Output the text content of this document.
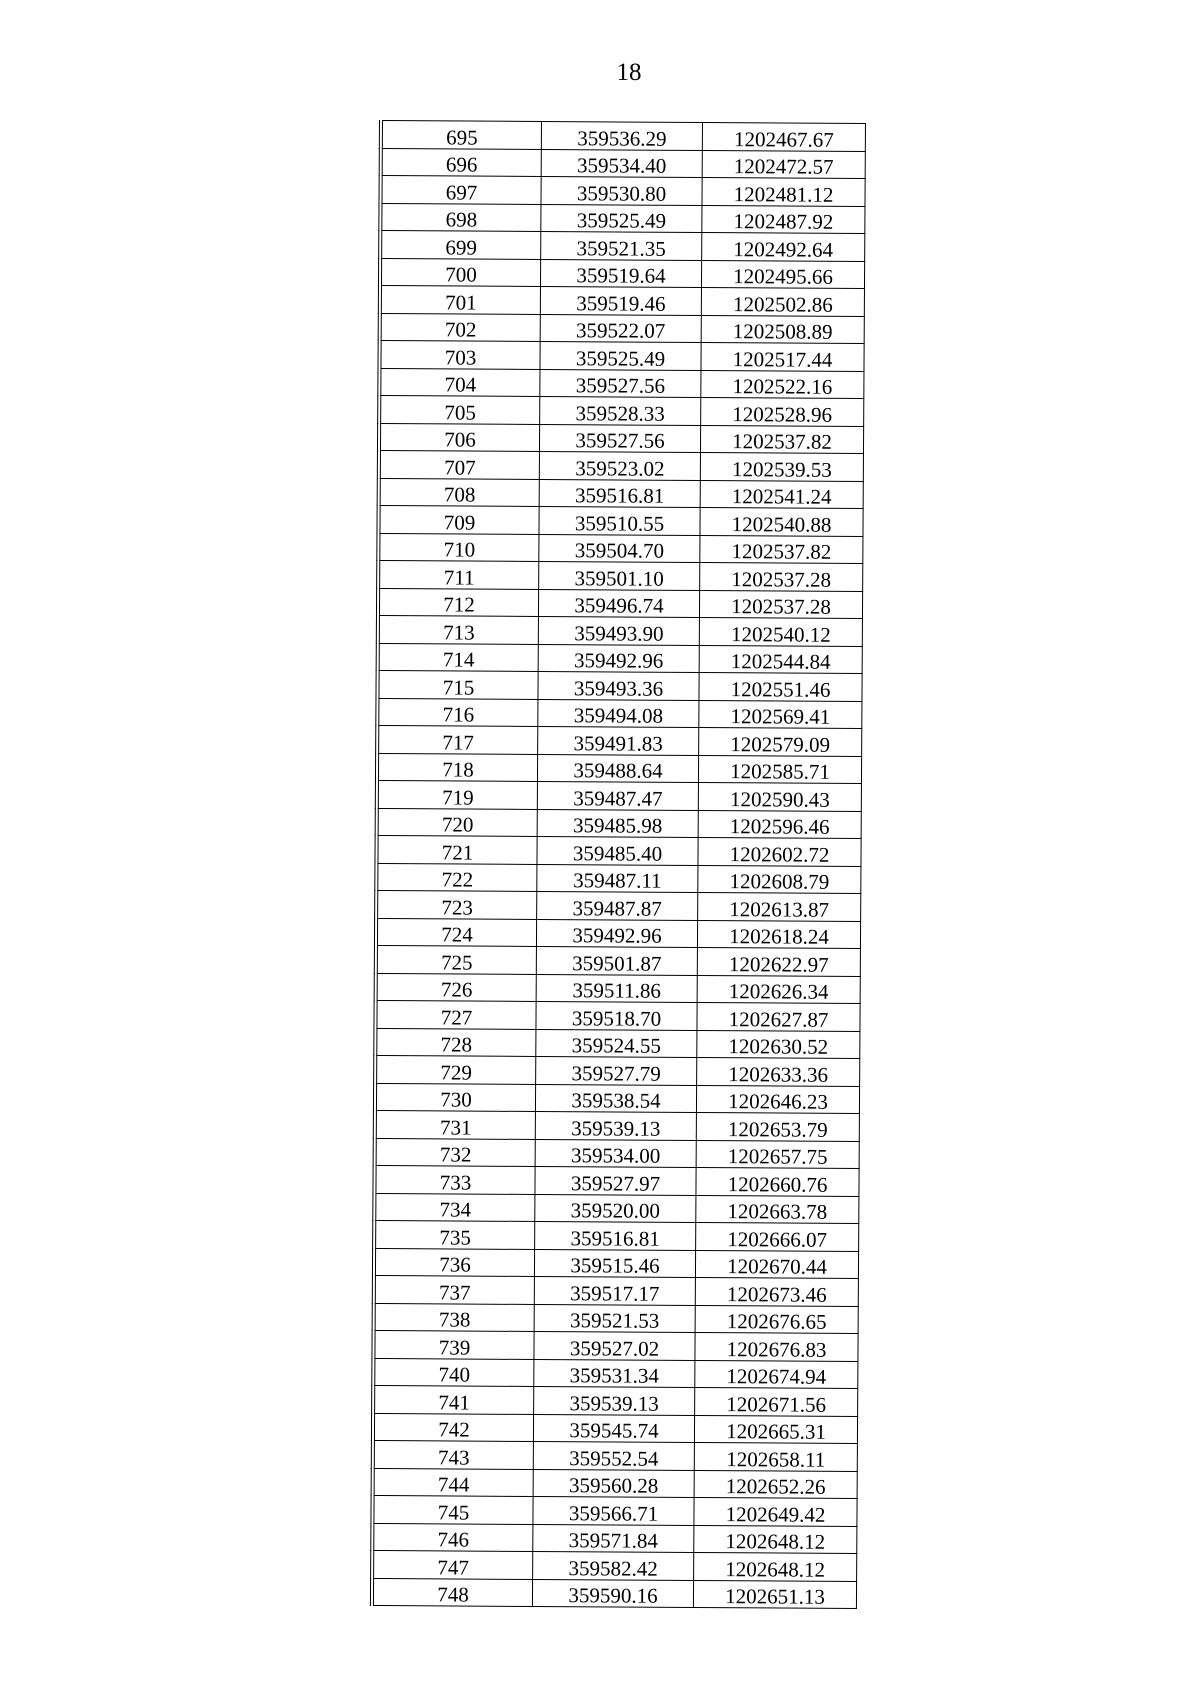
18
695	359536.29	1202467.67
696	359534.40	1202472.57
697	359530.80	1202481.12
698	359525.49	1202487.92
699	359521.35	1202492.64
700	359519.64	1202495.66
701	359519.46	1202502.86
702	359522.07	1202508.89
703	359525.49	1202517.44
704	359527.56	1202522.16
705	359528.33	1202528.96
706	359527.56	1202537.82
707	359523.02	1202539.53
708	359516.81	1202541.24
709	359510.55	1202540.88
710	359504.70	1202537.82
711	359501.10	1202537.28
712	359496.74	1202537.28
713	359493.90	1202540.12
714	359492.96	1202544.84
715	359493.36	1202551.46
716	359494.08	1202569.41
717	359491.83	1202579.09
718	359488.64	1202585.71
719	359487.47	1202590.43
720	359485.98	1202596.46
721	359485.40	1202602.72
722	359487.11	1202608.79
723	359487.87	1202613.87
724	359492.96	1202618.24
725	359501.87	1202622.97
726	359511.86	1202626.34
727	359518.70	1202627.87
728	359524.55	1202630.52
729	359527.79	1202633.36
730	359538.54	1202646.23
731	359539.13	1202653.79
732	359534.00	1202657.75
733	359527.97	1202660.76
734	359520.00	1202663.78
735	359516.81	1202666.07
736	359515.46	1202670.44
737	359517.17	1202673.46
738	359521.53	1202676.65
739	359527.02	1202676.83
740	359531.34	1202674.94
741	359539.13	1202671.56
742	359545.74	1202665.31
743	359552.54	1202658.11
744	359560.28	1202652.26
745	359566.71	1202649.42
746	359571.84	1202648.12
747	359582.42	1202648.12
748	359590.16	1202651.13
